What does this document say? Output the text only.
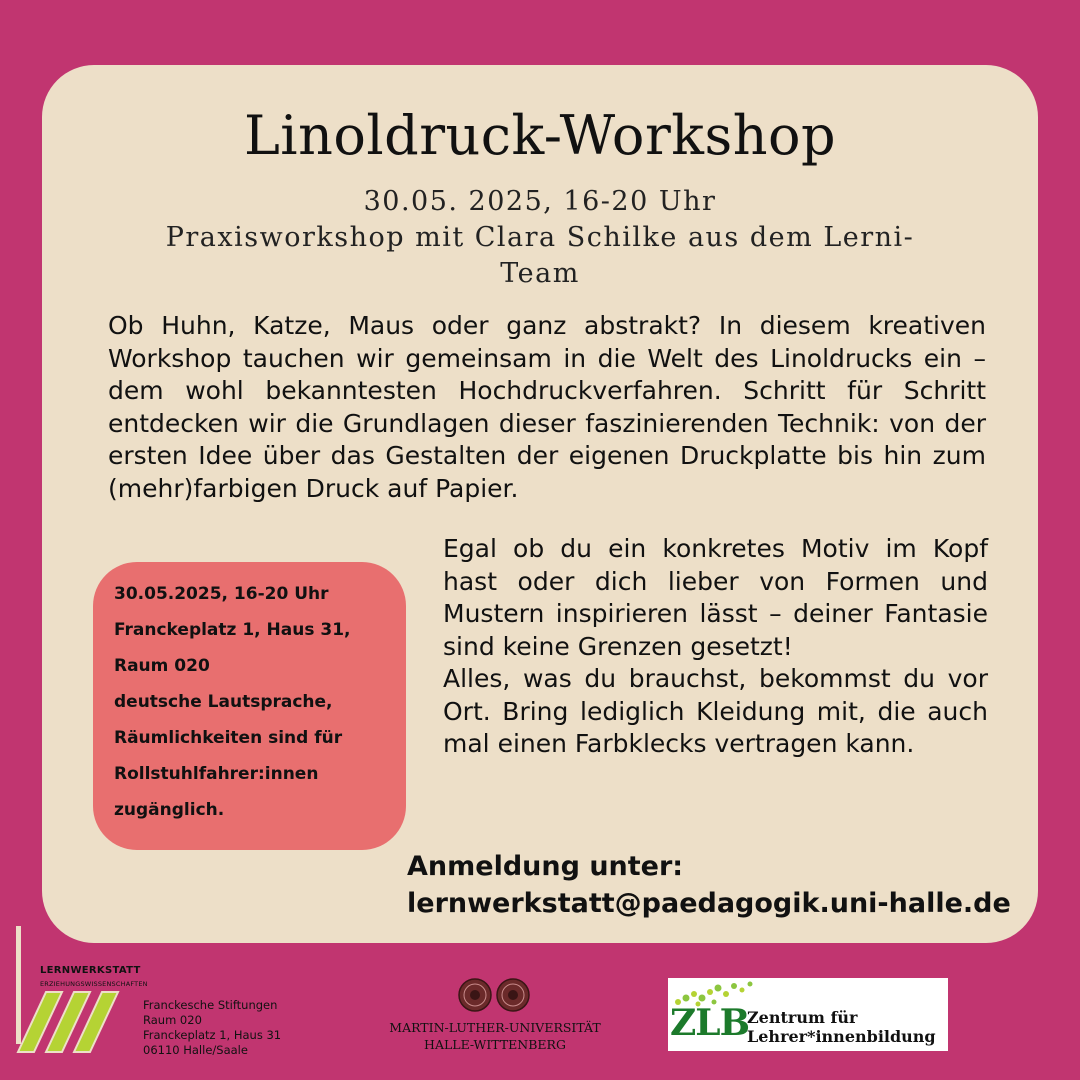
Linoldruck-Workshop
30.05. 2025, 16-20 Uhr
Praxisworkshop mit Clara Schilke aus dem Lerni-
Team
Ob Huhn, Katze, Maus oder ganz abstrakt? In diesem kreativen Workshop tauchen wir gemeinsam in die Welt des Linoldrucks ein – dem wohl bekanntesten Hochdruckverfahren. Schritt für Schritt entdecken wir die Grundlagen dieser faszinierenden Technik: von der ersten Idee über das Gestalten der eigenen Druckplatte bis hin zum (mehr)farbigen Druck auf Papier.

Egal ob du ein konkretes Motiv im Kopf hast oder dich lieber von Formen und Mustern inspirieren lässt – deiner Fantasie sind keine Grenzen gesetzt!

Alles, was du brauchst, bekommst du vor Ort. Bring lediglich Kleidung mit, die auch mal einen Farbklecks vertragen kann.

30.05.2025, 16-20 Uhr
Franckeplatz 1, Haus 31,
Raum 020
deutsche Lautsprache,
Räumlichkeiten sind für
Rollstuhlfahrer:innen
zugänglich.
Anmeldung unter:
lernwerkstatt@paedagogik.uni-halle.de
LERNWERKSTATT
ERZIEHUNGSWISSENSCHAFTEN
Franckesche Stiftungen
Raum 020
Franckeplatz 1, Haus 31
06110 Halle/Saale
MARTIN-LUTHER-UNIVERSITÄT
HALLE-WITTENBERG
ZLB
Zentrum für
Lehrer*innenbildung
